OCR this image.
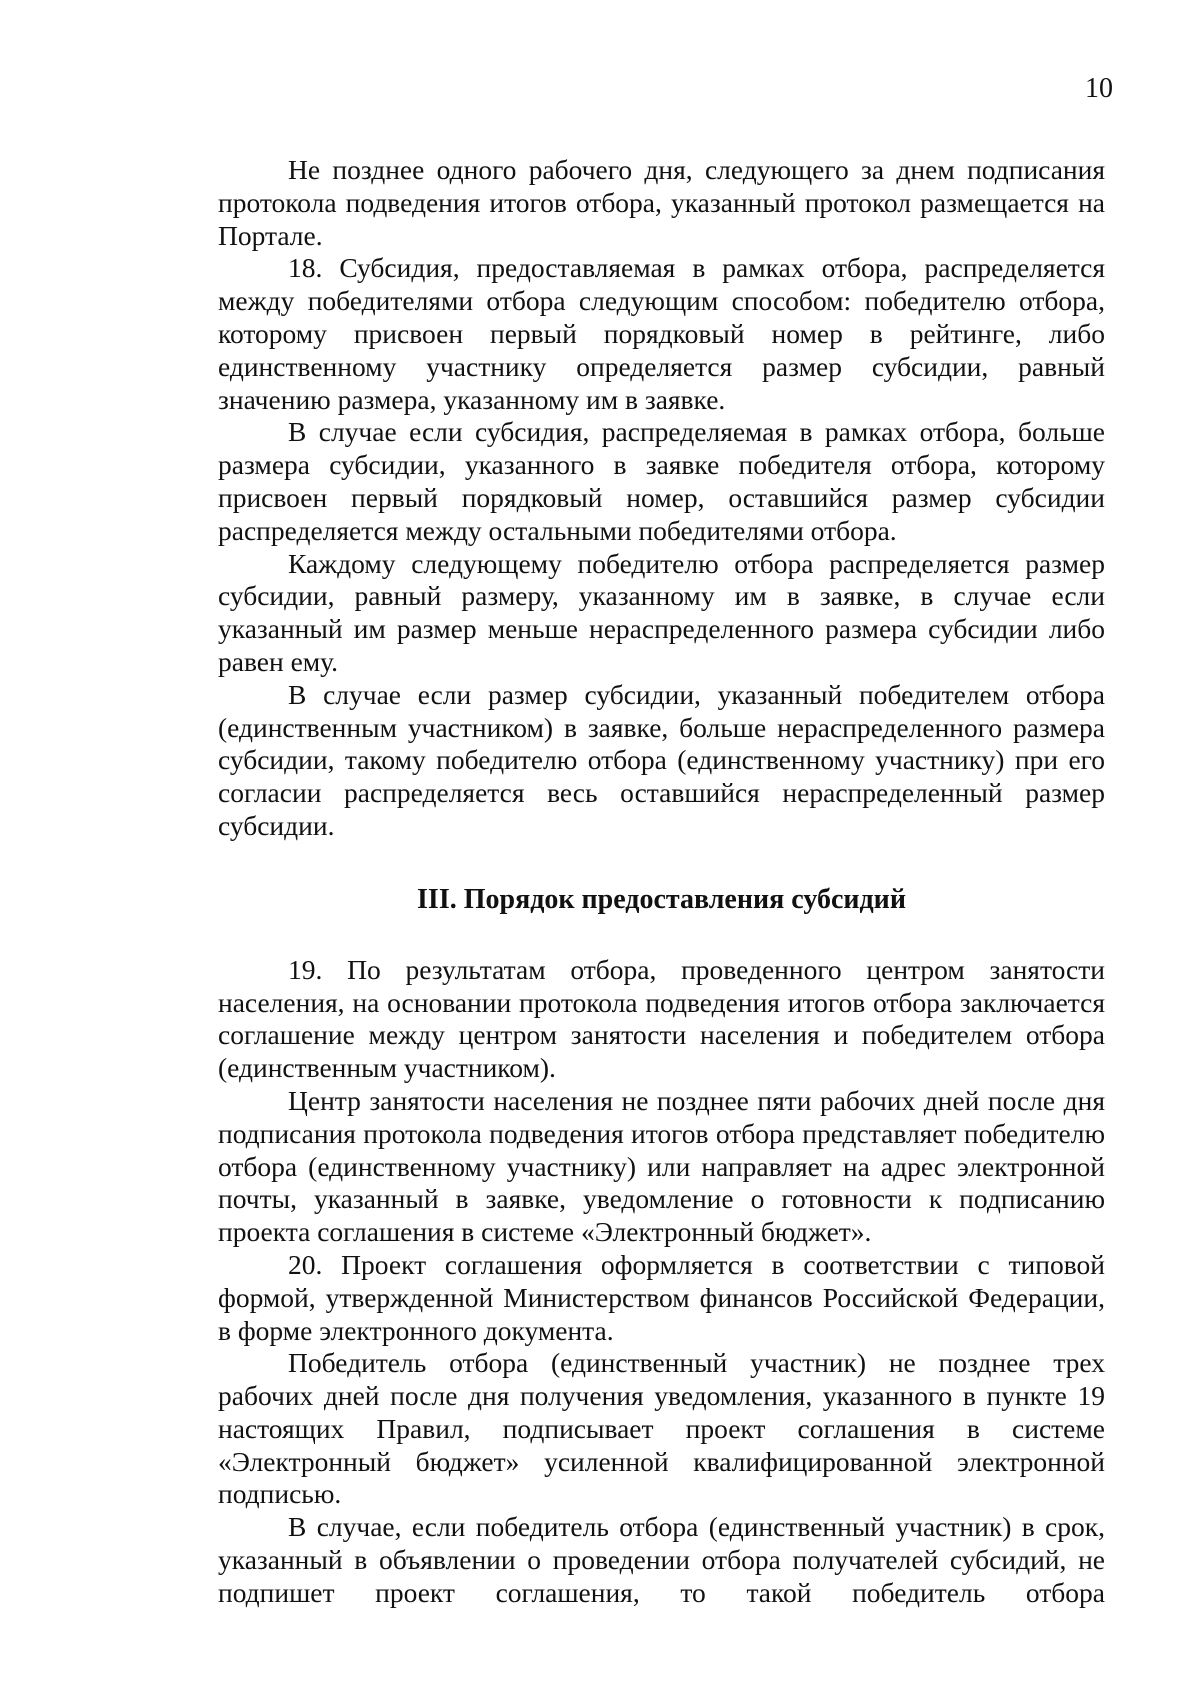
10

Не позднее одного рабочего дня, следующего за днем подписания протокола подведения итогов отбора, указанный протокол размещается на Портале.

18. Субсидия, предоставляемая в рамках отбора, распределяется между победителями отбора следующим способом: победителю отбора, которому присвоен первый порядковый номер в рейтинге, либо единственному участнику определяется размер субсидии, равный значению размера, указанному им в заявке.

В случае если субсидия, распределяемая в рамках отбора, больше размера субсидии, указанного в заявке победителя отбора, которому присвоен первый порядковый номер, оставшийся размер субсидии распределяется между остальными победителями отбора.

Каждому следующему победителю отбора распределяется размер субсидии, равный размеру, указанному им в заявке, в случае если указанный им размер меньше нераспределенного размера субсидии либо равен ему.

В случае если размер субсидии, указанный победителем отбора (единственным участником) в заявке, больше нераспределенного размера субсидии, такому победителю отбора (единственному участнику) при его согласии распределяется весь оставшийся нераспределенный размер субсидии.

III. Порядок предоставления субсидий

19. По результатам отбора, проведенного центром занятости населения, на основании протокола подведения итогов отбора заключается соглашение между центром занятости населения и победителем отбора (единственным участником).

Центр занятости населения не позднее пяти рабочих дней после дня подписания протокола подведения итогов отбора представляет победителю отбора (единственному участнику) или направляет на адрес электронной почты, указанный в заявке, уведомление о готовности к подписанию проекта соглашения в системе «Электронный бюджет».

20. Проект соглашения оформляется в соответствии с типовой формой, утвержденной Министерством финансов Российской Федерации, в форме электронного документа.

Победитель отбора (единственный участник) не позднее трех рабочих дней после дня получения уведомления, указанного в пункте 19 настоящих Правил, подписывает проект соглашения в системе «Электронный бюджет» усиленной квалифицированной электронной подписью.

В случае, если победитель отбора (единственный участник) в срок, указанный в объявлении о проведении отбора получателей субсидий, не подпишет проект соглашения, то такой победитель отбора
